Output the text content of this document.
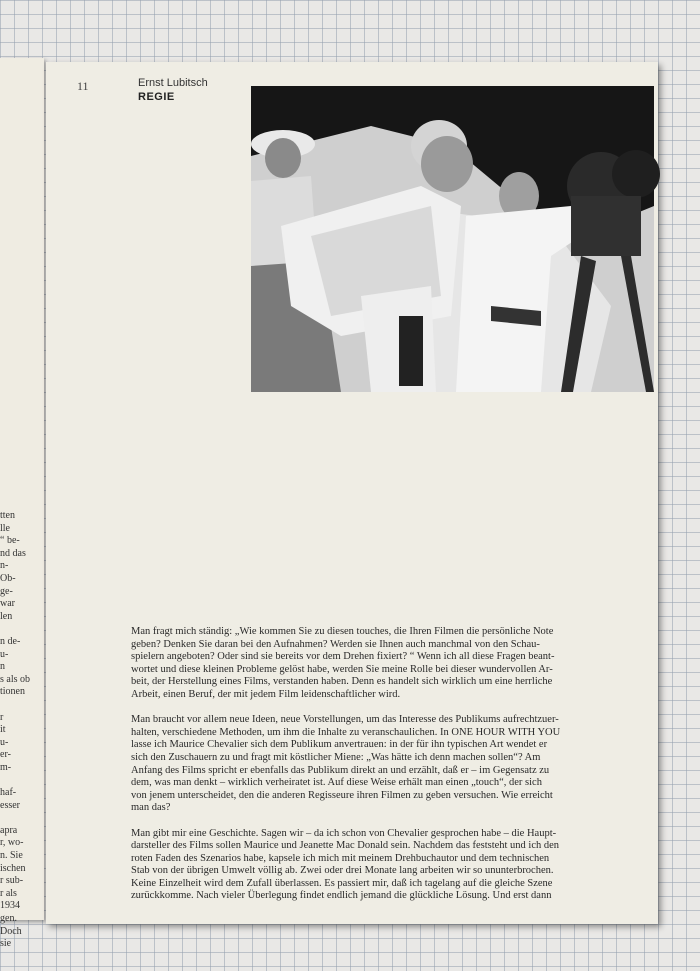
tten
lle
“ be-
nd das
n-
Ob-
ge-
war
len
n de-
u-
n
s als ob
tionen
r
it
u-
er-
m-
haf-
esser
apra
r, wo-
n. Sie
ischen
r sub-
r als
1934
gen.
Doch
sie
11	Ernst Lubitsch
REGIE
Man fragt mich ständig: „Wie kommen Sie zu diesen touches, die Ihren Filmen die persönliche Note
geben? Denken Sie daran bei den Aufnahmen? Werden sie Ihnen auch manchmal von den Schau-
spielern angeboten? Oder sind sie bereits vor dem Drehen fixiert? “ Wenn ich all diese Fragen beant-
wortet und diese kleinen Probleme gelöst habe, werden Sie meine Rolle bei dieser wundervollen Ar-
beit, der Herstellung eines Films, verstanden haben. Denn es handelt sich wirklich um eine herrliche
Arbeit, einen Beruf, der mit jedem Film leidenschaftlicher wird.
Man braucht vor allem neue Ideen, neue Vorstellungen, um das Interesse des Publikums aufrechtzuer-
halten, verschiedene Methoden, um ihm die Inhalte zu veranschaulichen. In ONE HOUR WITH YOU
lasse ich Maurice Chevalier sich dem Publikum anvertrauen: in der für ihn typischen Art wendet er
sich den Zuschauern zu und fragt mit köstlicher Miene: „Was hätte ich denn machen sollen“? Am
Anfang des Films spricht er ebenfalls das Publikum direkt an und erzählt, daß er – im Gegensatz zu
dem, was man denkt – wirklich verheiratet ist. Auf diese Weise erhält man einen „touch“, der sich
von jenem unterscheidet, den die anderen Regisseure ihren Filmen zu geben versuchen. Wie erreicht
man das?
Man gibt mir eine Geschichte. Sagen wir – da ich schon von Chevalier gesprochen habe – die Haupt-
darsteller des Films sollen Maurice und Jeanette Mac Donald sein. Nachdem das feststeht und ich den
roten Faden des Szenarios habe, kapsele ich mich mit meinem Drehbuchautor und dem technischen
Stab von der übrigen Umwelt völlig ab. Zwei oder drei Monate lang arbeiten wir so ununterbrochen.
Keine Einzelheit wird dem Zufall überlassen. Es passiert mir, daß ich tagelang auf die gleiche Szene
zurückkomme. Nach vieler Überlegung findet endlich jemand die glückliche Lösung. Und erst dann
